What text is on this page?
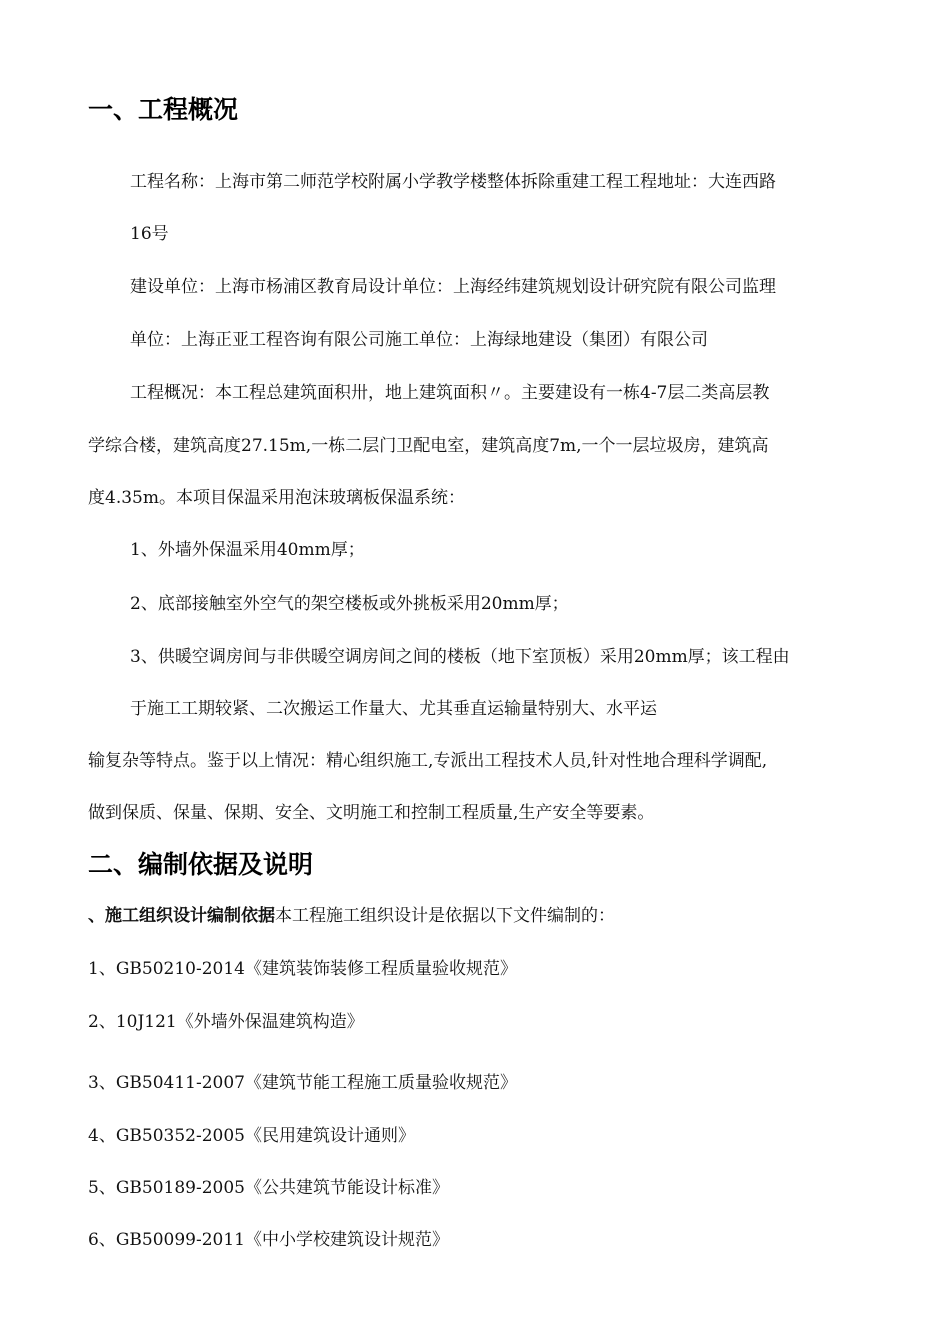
一、工程概况
工程名称：上海市第二师范学校附属小学教学楼整体拆除重建工程工程地址：大连西路
16号
建设单位：上海市杨浦区教育局设计单位：上海经纬建筑规划设计研究院有限公司监理
单位：上海正亚工程咨询有限公司施工单位：上海绿地建设（集团）有限公司
工程概况：本工程总建筑面积卅，地上建筑面积〃。主要建设有一栋4-7层二类高层教
学综合楼，建筑高度27.15m,一栋二层门卫配电室，建筑高度7m,一个一层垃圾房，建筑高
度4.35m。本项目保温采用泡沫玻璃板保温系统：
1、外墙外保温采用40mm厚；
2、底部接触室外空气的架空楼板或外挑板采用20mm厚；
3、供暖空调房间与非供暖空调房间之间的楼板（地下室顶板）采用20mm厚；该工程由
于施工工期较紧、二次搬运工作量大、尤其垂直运输量特别大、水平运
输复杂等特点。鉴于以上情况：精心组织施工,专派出工程技术人员,针对性地合理科学调配,
做到保质、保量、保期、安全、文明施工和控制工程质量,生产安全等要素。
二、编制依据及说明
、施工组织设计编制依据本工程施工组织设计是依据以下文件编制的：
1、GB50210-2014《建筑装饰装修工程质量验收规范》
2、10J121《外墙外保温建筑构造》
3、GB50411-2007《建筑节能工程施工质量验收规范》
4、GB50352-2005《民用建筑设计通则》
5、GB50189-2005《公共建筑节能设计标准》
6、GB50099-2011《中小学校建筑设计规范》
